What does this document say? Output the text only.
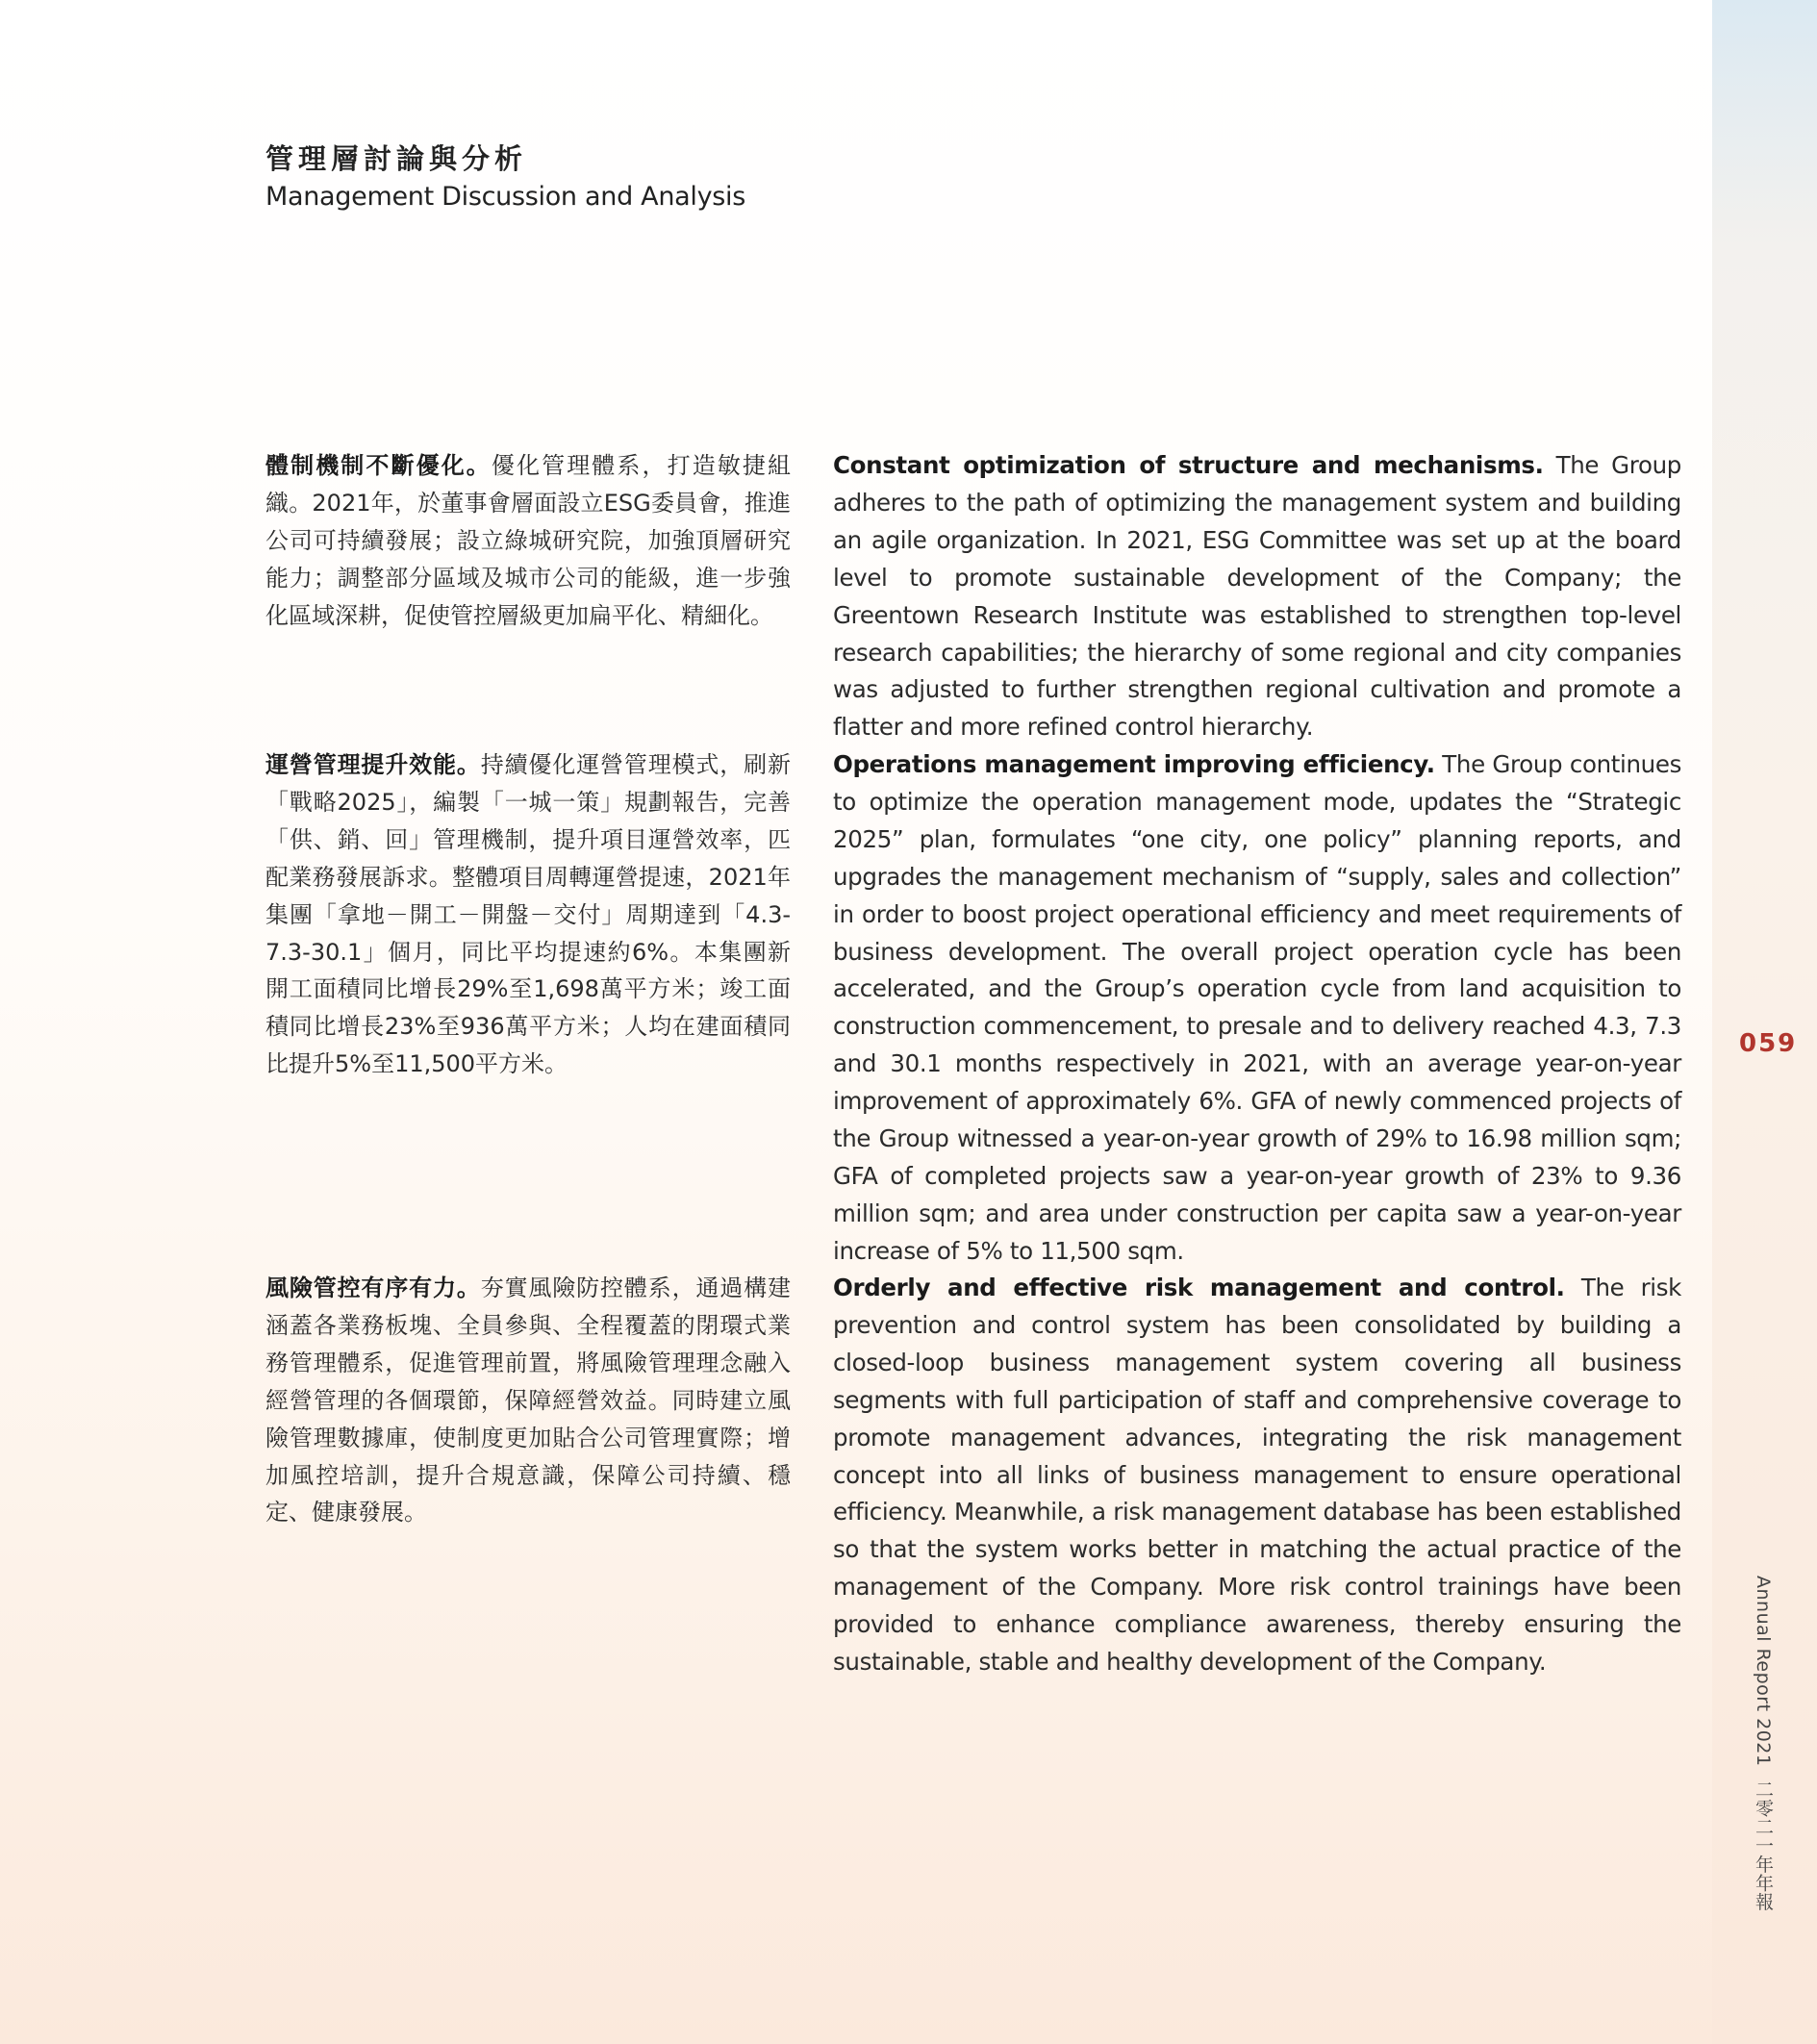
管理層討論與分析
Management Discussion and Analysis
體制機制不斷優化。優化管理體系，打造敏捷組織。2021年，於董事會層面設立ESG委員會，推進公司可持續發展；設立綠城研究院，加強頂層研究能力；調整部分區域及城市公司的能級，進一步強化區域深耕，促使管控層級更加扁平化、精細化。
Constant optimization of structure and mechanisms. The Group adheres to the path of optimizing the management system and building an agile organization. In 2021, ESG Committee was set up at the board level to promote sustainable development of the Company; the Greentown Research Institute was established to strengthen top-level research capabilities; the hierarchy of some regional and city companies was adjusted to further strengthen regional cultivation and promote a flatter and more refined control hierarchy.
運營管理提升效能。持續優化運營管理模式，刷新「戰略2025」，編製「一城一策」規劃報告，完善「供、銷、回」管理機制，提升項目運營效率，匹配業務發展訴求。整體項目周轉運營提速，2021年集團「拿地－開工－開盤－交付」周期達到「4.3-7.3-30.1」個月，同比平均提速約6%。本集團新開工面積同比增長29%至1,698萬平方米；竣工面積同比增長23%至936萬平方米；人均在建面積同比提升5%至11,500平方米。
Operations management improving efficiency. The Group continues to optimize the operation management mode, updates the “Strategic 2025” plan, formulates “one city, one policy” planning reports, and upgrades the management mechanism of “supply, sales and collection” in order to boost project operational efficiency and meet requirements of business development. The overall project operation cycle has been accelerated, and the Group’s operation cycle from land acquisition to construction commencement, to presale and to delivery reached 4.3, 7.3 and 30.1 months respectively in 2021, with an average year-on-year improvement of approximately 6%. GFA of newly commenced projects of the Group witnessed a year-on-year growth of 29% to 16.98 million sqm; GFA of completed projects saw a year-on-year growth of 23% to 9.36 million sqm; and area under construction per capita saw a year-on-year increase of 5% to 11,500 sqm.
風險管控有序有力。夯實風險防控體系，通過構建涵蓋各業務板塊、全員參與、全程覆蓋的閉環式業務管理體系，促進管理前置，將風險管理理念融入經營管理的各個環節，保障經營效益。同時建立風險管理數據庫，使制度更加貼合公司管理實際；增加風控培訓，提升合規意識，保障公司持續、穩定、健康發展。
Orderly and effective risk management and control. The risk prevention and control system has been consolidated by building a closed-loop business management system covering all business segments with full participation of staff and comprehensive coverage to promote management advances, integrating the risk management concept into all links of business management to ensure operational efficiency. Meanwhile, a risk management database has been established so that the system works better in matching the actual practice of the management of the Company. More risk control trainings have been provided to enhance compliance awareness, thereby ensuring the sustainable, stable and healthy development of the Company.
059
Annual Report 2021二零二一年年報
